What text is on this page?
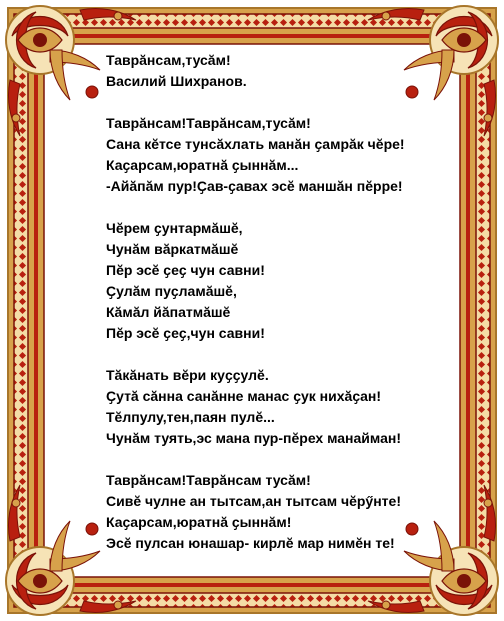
Таврӑнсам,тусӑм!

Василий Шихранов.

Таврӑнсам!Таврӑнсам,тусӑм!

Сана кӗтсе тунсӑхлать манӑн ҫамрӑк чӗре!

Каҫарсам,юратнӑ ҫыннӑм...

-Айӑпӑм пур!Ҫав-ҫавах эсӗ маншӑн пӗрре!

Чӗрем ҫунтармӑшӗ,

Чунӑм вӑркатмӑшӗ

Пӗр эсӗ ҫеҫ чун савни!

Ҫулӑм пуҫламӑшӗ,

Кӑмӑл йӑпатмӑшӗ

Пӗр эсӗ ҫеҫ,чун савни!

Тӑкӑнать вӗри куҫҫулӗ.

Ҫутӑ сӑнна санӑнне манас ҫук нихӑҫан!

Тӗлпулу,тен,паян пулӗ...

Чунӑм туять,эс мана пур-пӗрех манайман!

Таврӑнсам!Таврӑнсам тусӑм!

Сивӗ чулне ан тытсам,ан тытсам чӗрӳнте!

Каҫарсам,юратнӑ ҫыннӑм!

Эсӗ пулсан юнашар- кирлӗ мар нимӗн те!
